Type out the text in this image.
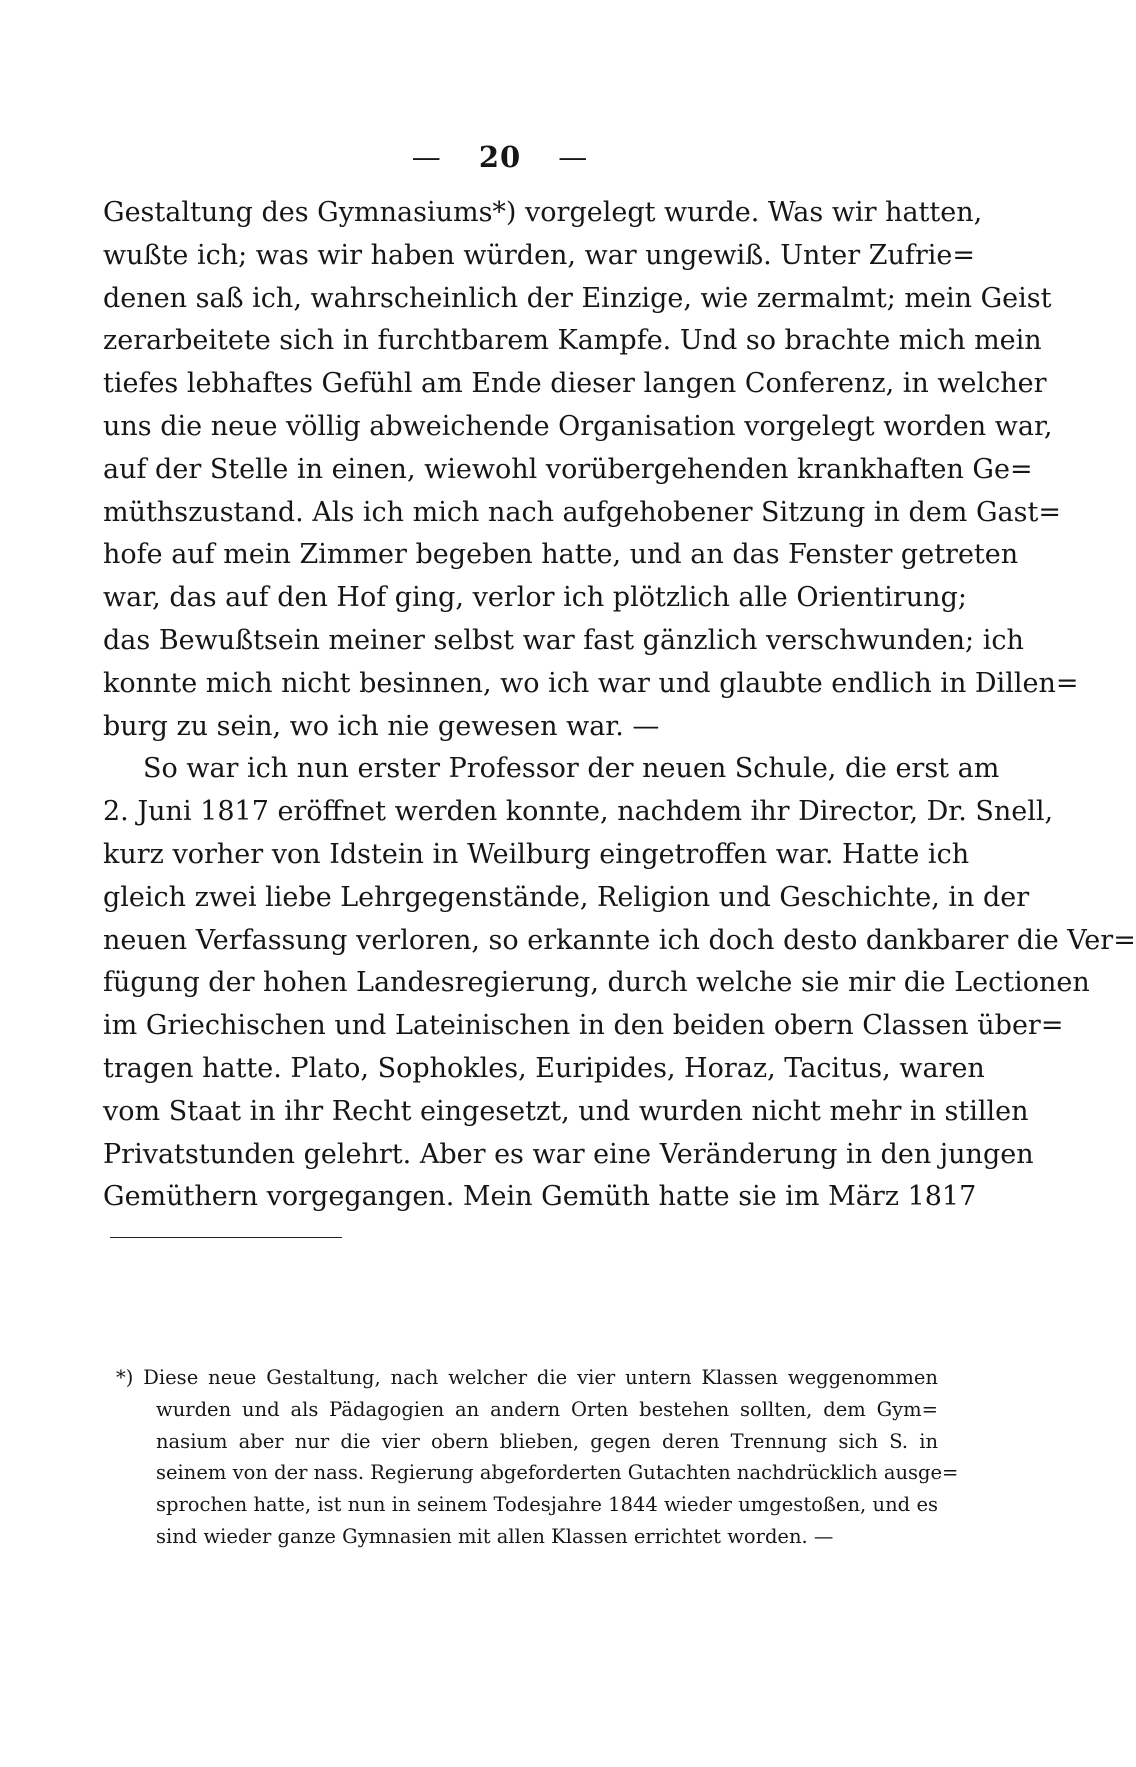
— 20 —
Gestaltung des Gymnasiums*) vorgelegt wurde. Was wir hatten,
wußte ich; was wir haben würden, war ungewiß. Unter Zufrie=
denen saß ich, wahrscheinlich der Einzige, wie zermalmt; mein Geist
zerarbeitete sich in furchtbarem Kampfe. Und so brachte mich mein
tiefes lebhaftes Gefühl am Ende dieser langen Conferenz, in welcher
uns die neue völlig abweichende Organisation vorgelegt worden war,
auf der Stelle in einen, wiewohl vorübergehenden krankhaften Ge=
müthszustand. Als ich mich nach aufgehobener Sitzung in dem Gast=
hofe auf mein Zimmer begeben hatte, und an das Fenster getreten
war, das auf den Hof ging, verlor ich plötzlich alle Orientirung;
das Bewußtsein meiner selbst war fast gänzlich verschwunden; ich
konnte mich nicht besinnen, wo ich war und glaubte endlich in Dillen=
burg zu sein, wo ich nie gewesen war. —
So war ich nun erster Professor der neuen Schule, die erst am
2. Juni 1817 eröffnet werden konnte, nachdem ihr Director, Dr. Snell,
kurz vorher von Idstein in Weilburg eingetroffen war. Hatte ich
gleich zwei liebe Lehrgegenstände, Religion und Geschichte, in der
neuen Verfassung verloren, so erkannte ich doch desto dankbarer die Ver=
fügung der hohen Landesregierung, durch welche sie mir die Lectionen
im Griechischen und Lateinischen in den beiden obern Classen über=
tragen hatte. Plato, Sophokles, Euripides, Horaz, Tacitus, waren
vom Staat in ihr Recht eingesetzt, und wurden nicht mehr in stillen
Privatstunden gelehrt. Aber es war eine Veränderung in den jungen
Gemüthern vorgegangen. Mein Gemüth hatte sie im März 1817
*) Diese neue Gestaltung, nach welcher die vier untern Klassen weggenommen
wurden und als Pädagogien an andern Orten bestehen sollten, dem Gym=
nasium aber nur die vier obern blieben, gegen deren Trennung sich S. in
seinem von der nass. Regierung abgeforderten Gutachten nachdrücklich ausge=
sprochen hatte, ist nun in seinem Todesjahre 1844 wieder umgestoßen, und es
sind wieder ganze Gymnasien mit allen Klassen errichtet worden. —
